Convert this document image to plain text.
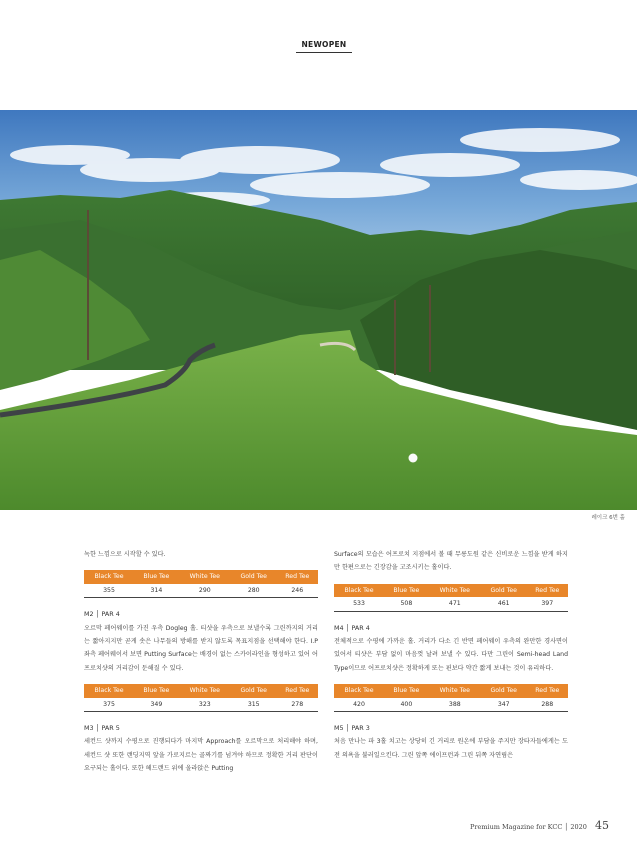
NEWOPEN
레이크 6번 홀

녹한 느낌으로 시작할 수 있다.

Black Tee	Blue Tee	White Tee	Gold Tee	Red Tee
355	314	290	280	246
M2 │ PAR 4

오르막 페어웨이를 가진 우측 Dogleg 홀. 티샷을 우측으로 보낼수록 그린까지의 거리는 짧아지지만 곧게 솟은 나무들의 방해를 받지 않도록 목표지점을 선택해야 한다. I.P 좌측 페어웨이서 보면 Putting Surface는 배경이 없는 스카이라인을 형성하고 있어 어프로치샷의 거리감이 둔해질 수 있다.

Black Tee	Blue Tee	White Tee	Gold Tee	Red Tee
375	349	323	315	278
M3 │ PAR 5

세컨드 샷까지 수평으로 진행되다가 마지막 Approach를 오르막으로 처리해야 하며, 세컨드 샷 또한 랜딩지역 앞을 가로지르는 골짜기를 넘겨야 하므로 정확한 거리 판단이 요구되는 홀이다. 또한 헤드랜드 위에 올라앉은 Putting

Surface의 모습은 어프로치 지점에서 볼 때 무릉도원 같은 신비로운 느낌을 받게 하지만 한편으로는 긴장감을 고조시키는 홀이다.

Black Tee	Blue Tee	White Tee	Gold Tee	Red Tee
533	508	471	461	397
M4 │ PAR 4

전체적으로 수평에 가까운 홀. 거리가 다소 긴 반면 페어웨이 우측의 완만한 경사면이 있어서 티샷은 부담 없이 마음껏 날려 보낼 수 있다. 다만 그린이 Semi-head Land Type이므로 어프로치샷은 정확하게 또는 핀보다 약간 짧게 보내는 것이 유리하다.

Black Tee	Blue Tee	White Tee	Gold Tee	Red Tee
420	400	388	347	288
M5 │ PAR 3

처음 만나는 파 3홀 치고는 상당히 긴 거리로 원온에 부담을 주지만 장타자들에게는 도전 의욕을 불러일으킨다. 그린 앞쪽 에이프런과 그린 뒤쪽 자연림은

Premium Magazine for KCC │ 2020 45
